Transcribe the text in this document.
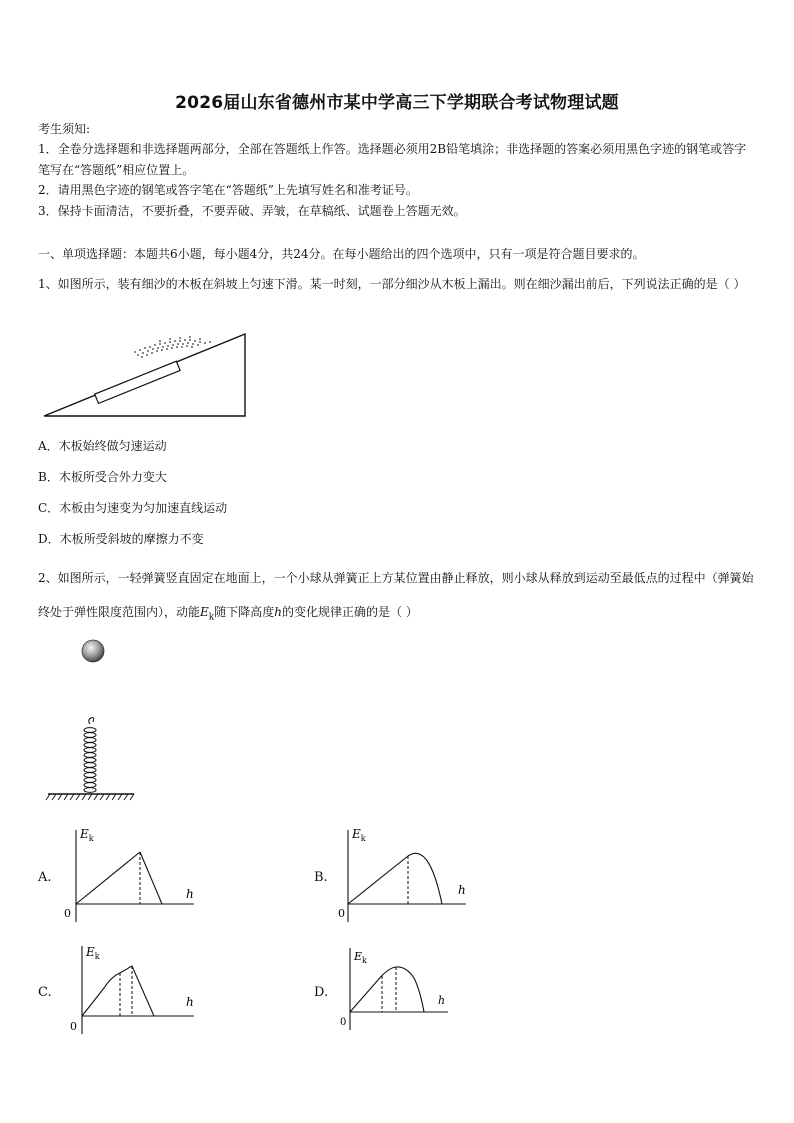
2026届山东省德州市某中学高三下学期联合考试物理试题
考生须知:
1．全卷分选择题和非选择题两部分，全部在答题纸上作答。选择题必须用2B铅笔填涂；非选择题的答案必须用黑色字迹的钢笔或答字笔写在“答题纸”相应位置上。
2．请用黑色字迹的钢笔或答字笔在“答题纸”上先填写姓名和准考证号。
3．保持卡面清洁，不要折叠，不要弄破、弄皱，在草稿纸、试题卷上答题无效。
一、单项选择题：本题共6小题，每小题4分，共24分。在每小题给出的四个选项中，只有一项是符合题目要求的。
1、如图所示，装有细沙的木板在斜坡上匀速下滑。某一时刻，一部分细沙从木板上漏出。则在细沙漏出前后，下列说法正确的是（ ）
A．木板始终做匀速运动
B．木板所受合外力变大
C．木板由匀速变为匀加速直线运动
D．木板所受斜坡的摩擦力不变
2、如图所示，一轻弹簧竖直固定在地面上，一个小球从弹簧正上方某位置由静止释放，则小球从释放到运动至最低点的过程中（弹簧始终处于弹性限度范围内），动能$E_k$随下降高度h的变化规律正确的是（ ）
A.
$E_k$
h
0
B.
$E_k$
h
0
C.
$E_k$
h
0
D.
$E_k$
h
0
